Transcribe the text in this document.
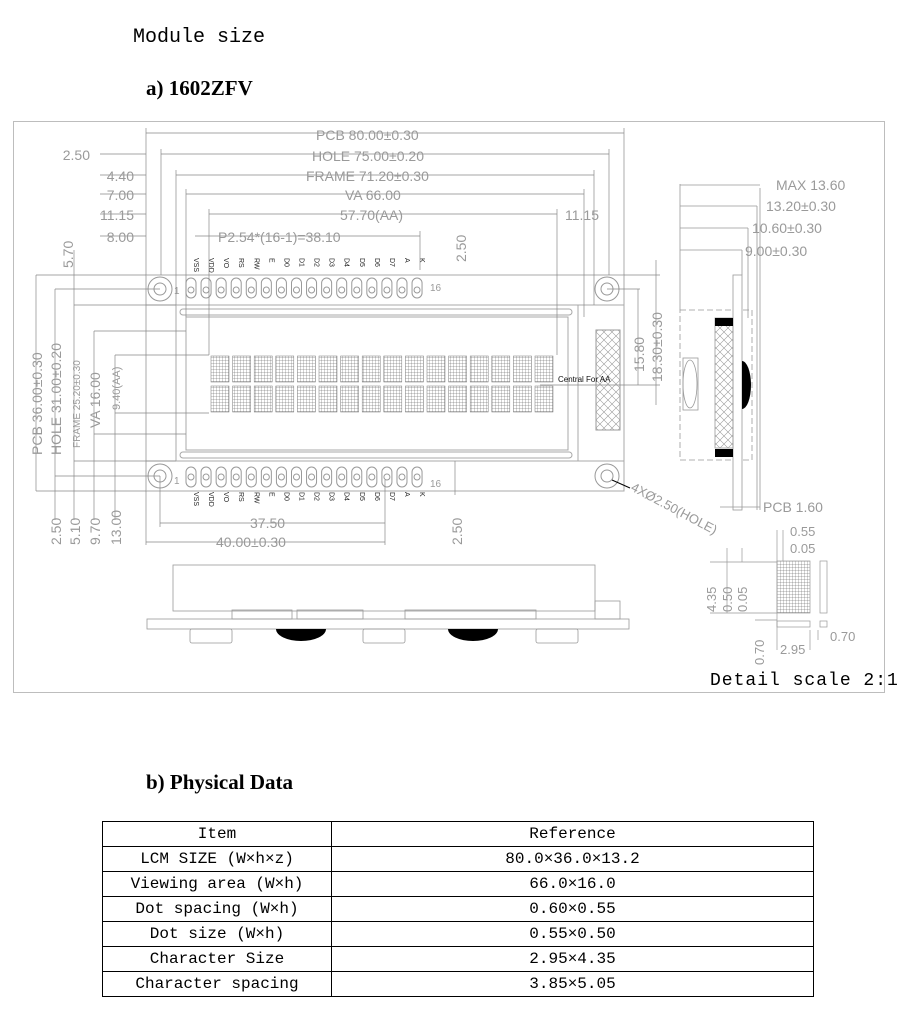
Module size
a) 1602ZFV
VSS
VSS
VDD
VDD
VO
VO
RS
RS
RW
RW
E
E
D0
D0
D1
D1
D2
D2
D3
D3
D4
D4
D5
D5
D6
D6
D7
D7
A
A
K
K
1	16
1	16
PCB 80.00±0.30
HOLE 75.00±0.20
FRAME 71.20±0.30
VA 66.00
57.70(AA)
P2.54*(16-1)=38.10
11.15
2.50
4.40
7.00
11.15
8.00
5.70	2.50
PCB 36.00±0.30 HOLE 31.00±0.20 FRAME 25.20±0.30 VA 16.00 9.40(AA)
2.50 5.10 9.70 13.00
15.80 18.30±0.30
Central For AA
4XØ2.50(HOLE)
37.50
40.00±0.30	2.50
MAX 13.60
13.20±0.30
10.60±0.30
9.00±0.30
PCB 1.60
0.55
0.05
4.35 0.50 0.05
0.70 2.95
0.70
Detail scale 2:1
b) Physical Data
Item	Reference
LCM SIZE (W×h×z)	80.0×36.0×13.2
Viewing area (W×h)	66.0×16.0
Dot spacing (W×h)	0.60×0.55
Dot size (W×h)	0.55×0.50
Character Size	2.95×4.35
Character spacing	3.85×5.05
